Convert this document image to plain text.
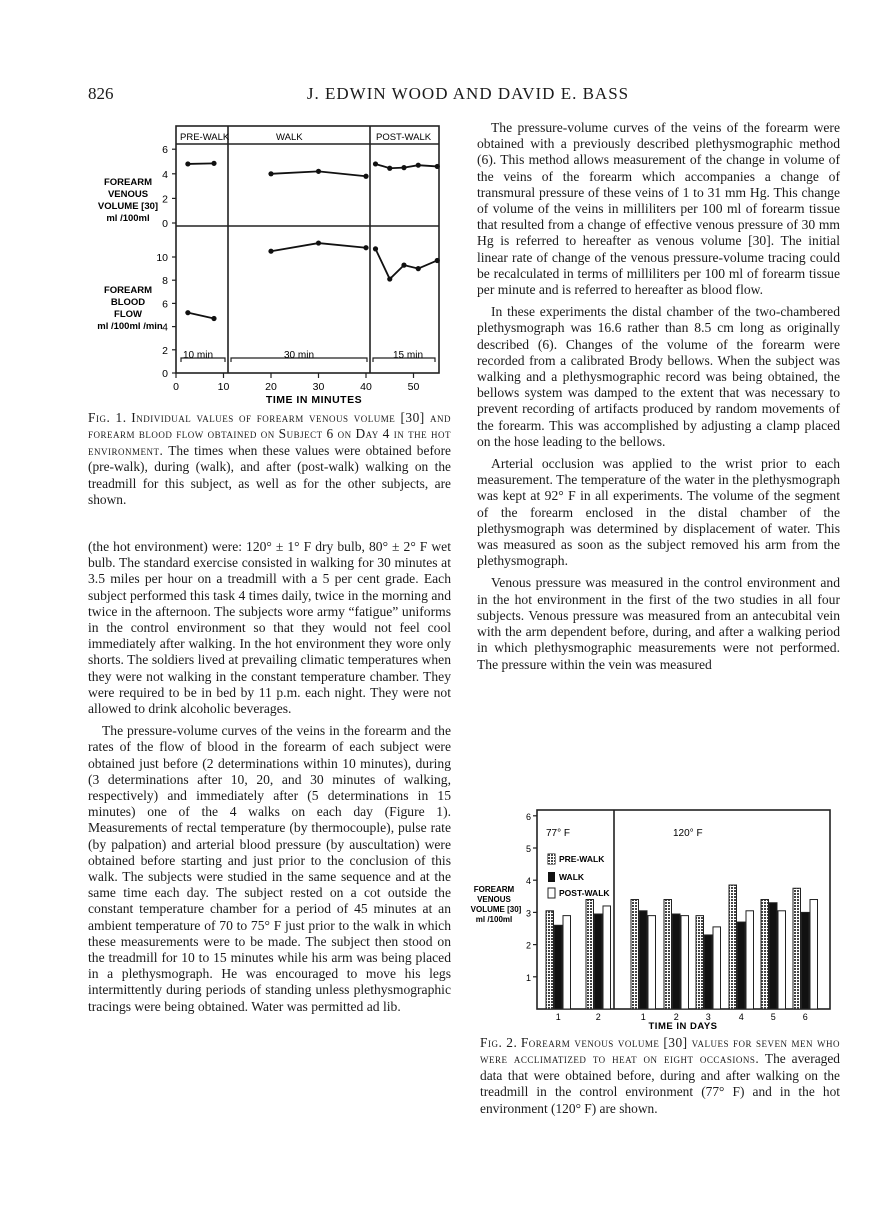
826	J. EDWIN WOOD AND DAVID E. BASS
PRE-WALK	WALK	POST-WALK
FOREARM
VENOUS
VOLUME [30]
ml /100ml
FOREARM
BLOOD
FLOW
ml /100ml /min
0
2
4
6
0
2
4
6
8
10
0	10	20	30	40	50
10 min	30 min	15 min
TIME IN MINUTES
Fig. 1. Individual values of forearm venous volume [30] and forearm blood flow obtained on Subject 6 on Day 4 in the hot environment. The times when these values were obtained before (pre-walk), during (walk), and after (post-walk) walking on the treadmill for this subject, as well as for the other subjects, are shown.

(the hot environment) were: 120° ± 1° F dry bulb, 80° ± 2° F wet bulb. The standard exercise consisted in walking for 30 minutes at 3.5 miles per hour on a treadmill with a 5 per cent grade. Each subject performed this task 4 times daily, twice in the morning and twice in the afternoon. The subjects wore army “fatigue” uniforms in the control environment so that they would not feel cool immediately after walking. In the hot environment they wore only shorts. The soldiers lived at prevailing climatic temperatures when they were not walking in the constant temperature chamber. They were required to be in bed by 11 p.m. each night. They were not allowed to drink alcoholic beverages.

The pressure-volume curves of the veins in the forearm and the rates of the flow of blood in the forearm of each subject were obtained just before (2 determinations within 10 minutes), during (3 determinations after 10, 20, and 30 minutes of walking, respectively) and immediately after (5 determinations in 15 minutes) one of the 4 walks on each day (Figure 1). Measurements of rectal temperature (by thermocouple), pulse rate (by palpation) and arterial blood pressure (by auscultation) were obtained before starting and just prior to the conclusion of this walk. The subjects were studied in the same sequence and at the same time each day. The subject rested on a cot outside the constant temperature chamber for a period of 45 minutes at an ambient temperature of 70 to 75° F just prior to the walk in which these measurements were to be made. The subject then stood on the treadmill for 10 to 15 minutes while his arm was being placed in a plethysmograph. He was encouraged to move his legs intermittently during periods of standing unless plethysmographic tracings were being obtained. Water was permitted ad lib.

The pressure-volume curves of the veins of the forearm were obtained with a previously described plethysmographic method (6). This method allows measurement of the change in volume of the veins of the forearm which accompanies a change of transmural pressure of these veins of 1 to 31 mm Hg. This change of volume of the veins in milliliters per 100 ml of forearm tissue that resulted from a change of effective venous pressure of 30 mm Hg is referred to hereafter as venous volume [30]. The initial linear rate of change of the venous pressure-volume tracing could be recalculated in terms of milliliters per 100 ml of forearm tissue per minute and is referred to hereafter as blood flow.

In these experiments the distal chamber of the two-chambered plethysmograph was 16.6 rather than 8.5 cm long as originally described (6). Changes of the volume of the forearm were recorded from a calibrated Brody bellows. When the subject was walking and a plethysmographic record was being obtained, the bellows system was damped to the extent that was necessary to prevent recording of artifacts produced by random movements of the forearm. This was accomplished by adjusting a clamp placed on the hose leading to the bellows.

Arterial occlusion was applied to the wrist prior to each measurement. The temperature of the water in the plethysmograph was kept at 92° F in all experiments. The volume of the segment of the forearm enclosed in the distal chamber of the plethysmograph was determined by displacement of water. This was measured as soon as the subject removed his arm from the plethysmograph.

Venous pressure was measured in the control environment and in the hot environment in the first of the two studies in all four subjects. Venous pressure was measured from an antecubital vein with the arm dependent before, during, and after a walking period in which plethysmographic measurements were not performed. The pressure within the vein was measured

77° F	120° F
PRE-WALK
WALK
POST-WALK
FOREARM
VENOUS
VOLUME [30]
ml /100ml
1
2
3
4
5
6
1	2	1	2	3	4	5	6
TIME IN DAYS
Fig. 2. Forearm venous volume [30] values for seven men who were acclimatized to heat on eight occasions. The averaged data that were obtained before, during and after walking on the treadmill in the control environment (77° F) and in the hot environment (120° F) are shown.
